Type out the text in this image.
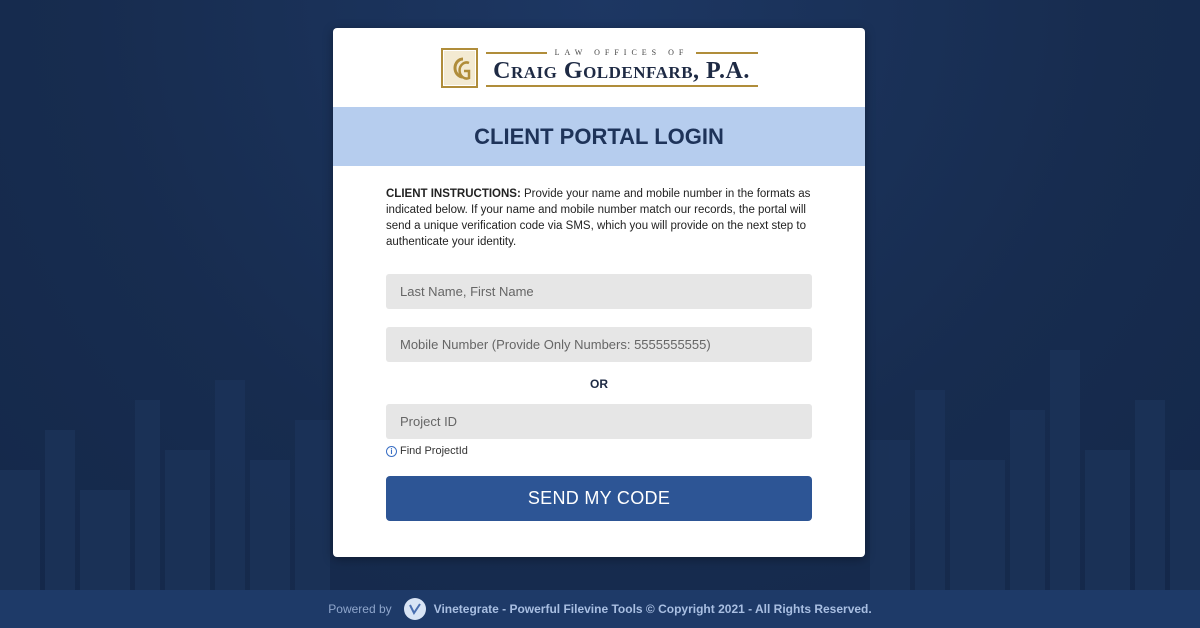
LAW OFFICES OF
Craig Goldenfarb, P.A.
CLIENT PORTAL LOGIN

CLIENT INSTRUCTIONS: Provide your name and mobile number in the formats as indicated below. If your name and mobile number match our records, the portal will send a unique verification code via SMS, which you will provide on the next step to authenticate your identity.

Last Name, First Name
Mobile Number (Provide Only Numbers: 5555555555)
OR
Project ID
i Find ProjectId
SEND MY CODE
Powered by	Vinetegrate - Powerful Filevine Tools © Copyright 2021 - All Rights Reserved.
